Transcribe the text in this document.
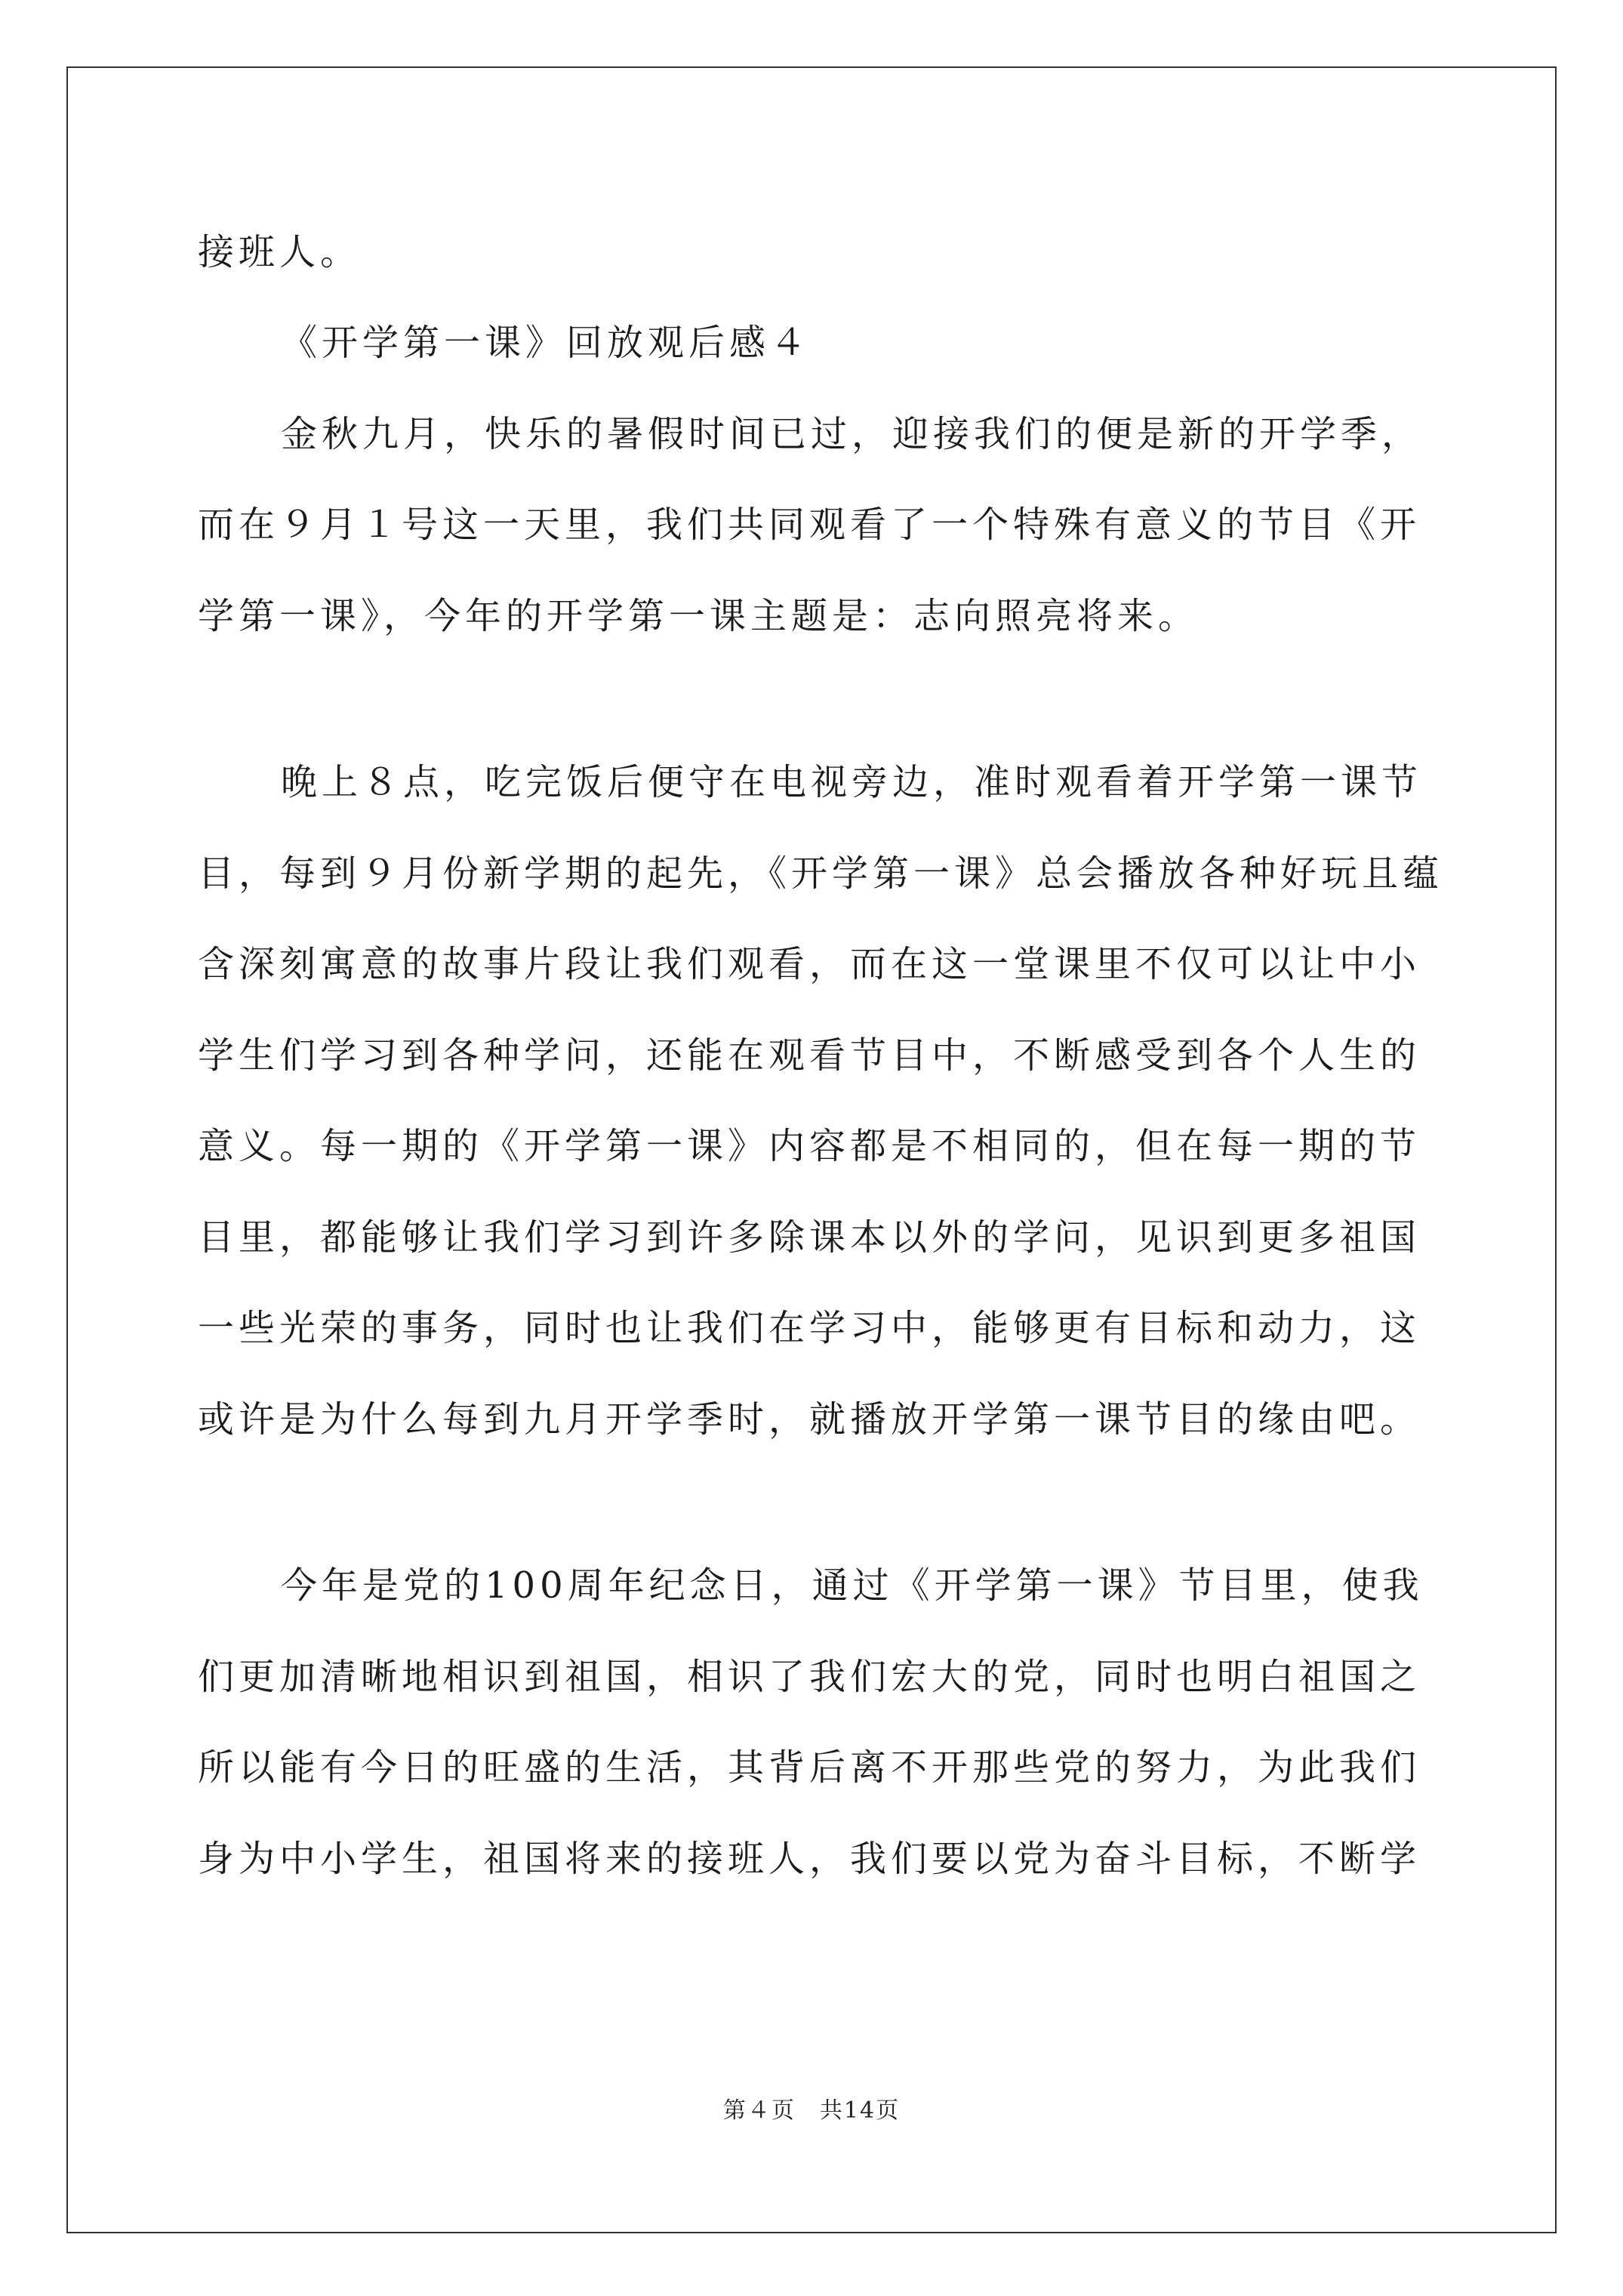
接班人。
《开学第一课》回放观后感４
金秋九月，快乐的暑假时间已过，迎接我们的便是新的开学季，
而在９月１号这一天里，我们共同观看了一个特殊有意义的节目《开
学第一课》，今年的开学第一课主题是：志向照亮将来。
晚上８点，吃完饭后便守在电视旁边，准时观看着开学第一课节
目，每到９月份新学期的起先，《开学第一课》总会播放各种好玩且蕴
含深刻寓意的故事片段让我们观看，而在这一堂课里不仅可以让中小
学生们学习到各种学问，还能在观看节目中，不断感受到各个人生的
意义。每一期的《开学第一课》内容都是不相同的，但在每一期的节
目里，都能够让我们学习到许多除课本以外的学问，见识到更多祖国
一些光荣的事务，同时也让我们在学习中，能够更有目标和动力，这
或许是为什么每到九月开学季时，就播放开学第一课节目的缘由吧。
今年是党的100周年纪念日，通过《开学第一课》节目里，使我
们更加清晰地相识到祖国，相识了我们宏大的党，同时也明白祖国之
所以能有今日的旺盛的生活，其背后离不开那些党的努力，为此我们
身为中小学生，祖国将来的接班人，我们要以党为奋斗目标，不断学
第４页　共14页
